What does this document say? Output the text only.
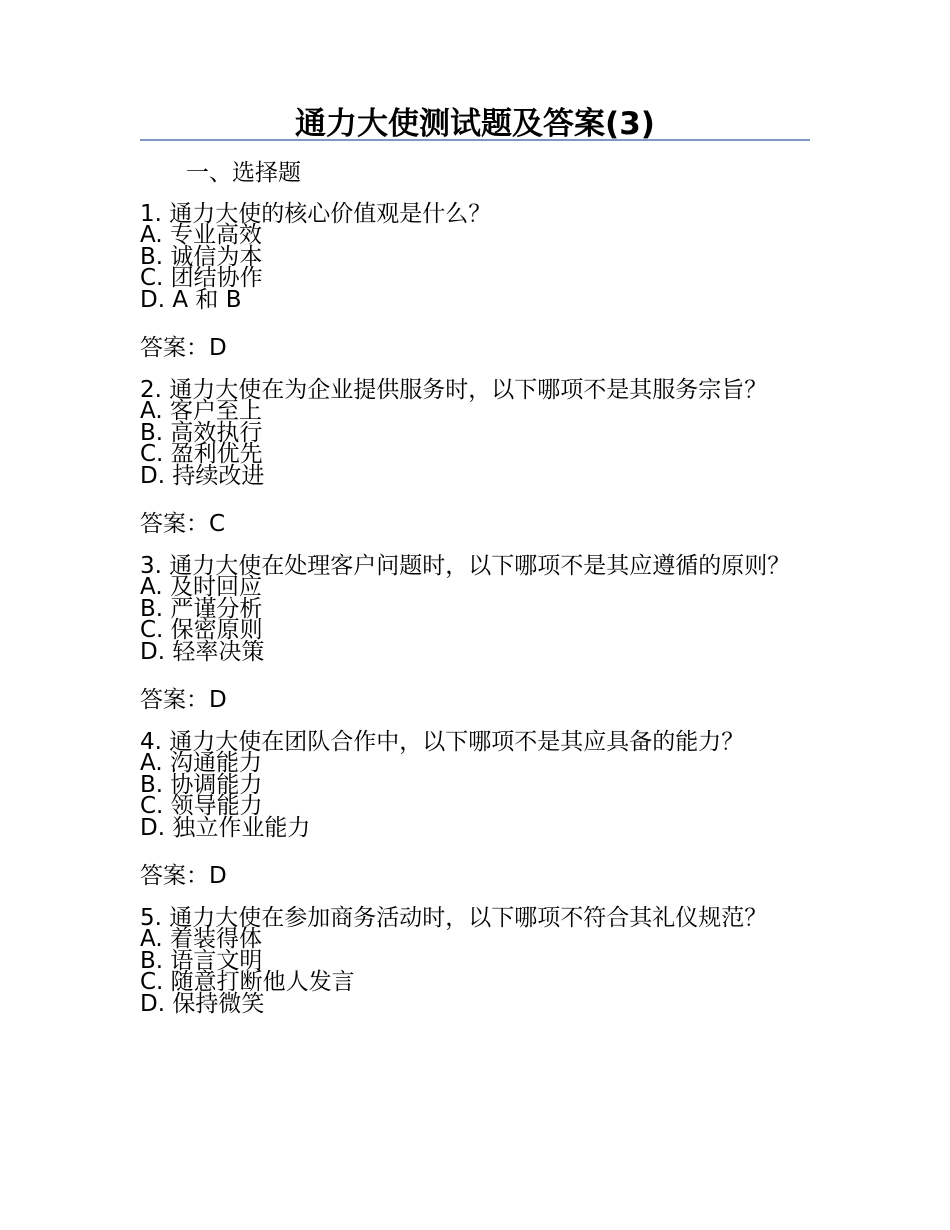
通力大使测试题及答案(3)

一、选择题

1. 通力大使的核心价值观是什么？

A. 专业高效
B. 诚信为本
C. 团结协作
D. A 和 B

答案：D

2. 通力大使在为企业提供服务时，以下哪项不是其服务宗旨？

A. 客户至上
B. 高效执行
C. 盈利优先
D. 持续改进

答案：C

3. 通力大使在处理客户问题时，以下哪项不是其应遵循的原则？

A. 及时回应
B. 严谨分析
C. 保密原则
D. 轻率决策

答案：D

4. 通力大使在团队合作中，以下哪项不是其应具备的能力？

A. 沟通能力
B. 协调能力
C. 领导能力
D. 独立作业能力

答案：D

5. 通力大使在参加商务活动时，以下哪项不符合其礼仪规范？

A. 着装得体
B. 语言文明
C. 随意打断他人发言
D. 保持微笑
